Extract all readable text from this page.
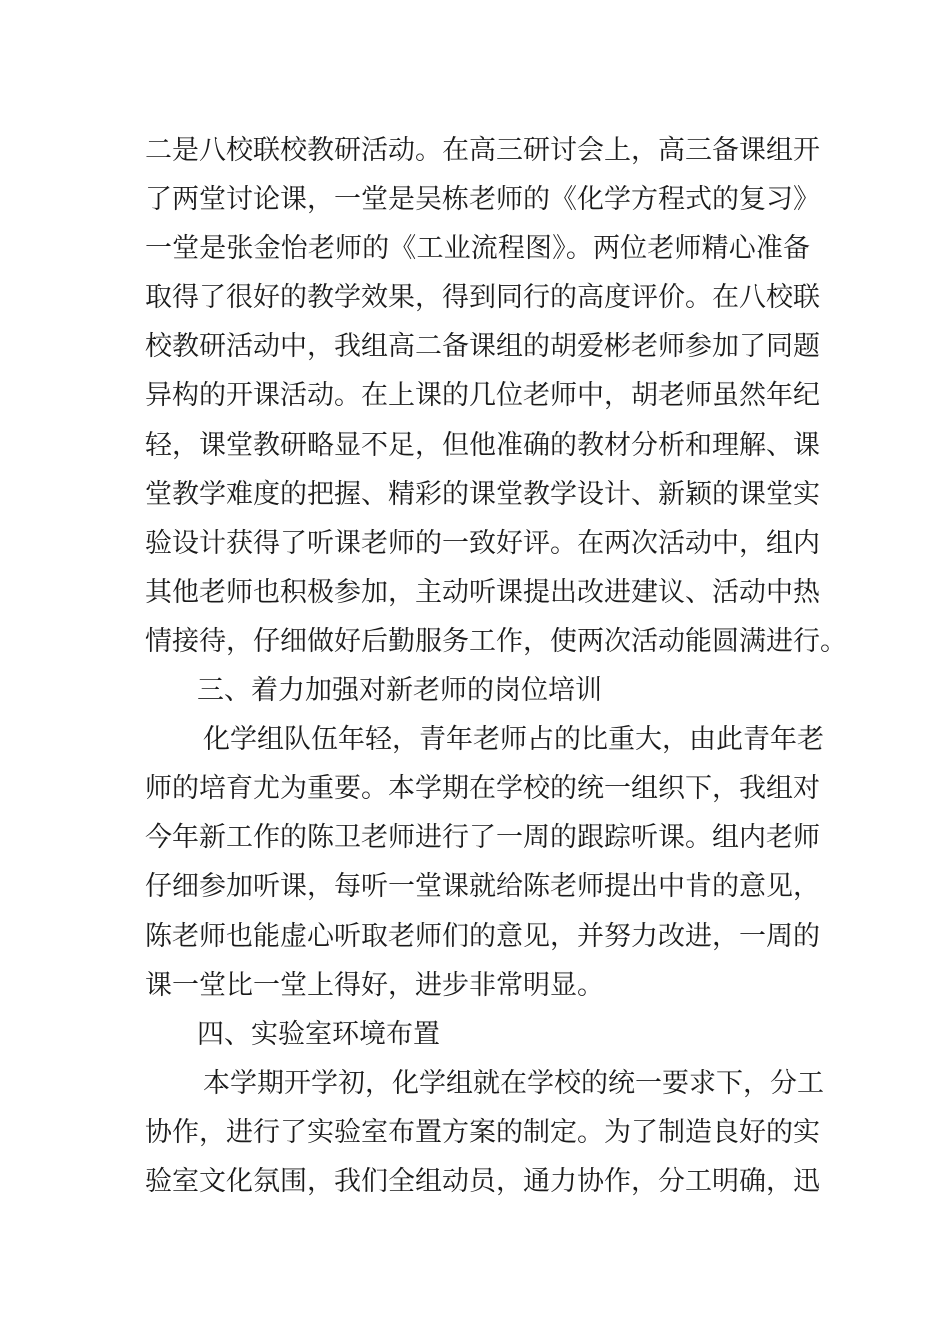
二是八校联校教研活动。在高三研讨会上，高三备课组开
了两堂讨论课，一堂是吴栋老师的《化学方程式的复习》
一堂是张金怡老师的《工业流程图》。两位老师精心准备
取得了很好的教学效果，得到同行的高度评价。在八校联
校教研活动中，我组高二备课组的胡爱彬老师参加了同题
异构的开课活动。在上课的几位老师中，胡老师虽然年纪
轻，课堂教研略显不足，但他准确的教材分析和理解、课
堂教学难度的把握、精彩的课堂教学设计、新颖的课堂实
验设计获得了听课老师的一致好评。在两次活动中，组内
其他老师也积极参加，主动听课提出改进建议、活动中热
情接待，仔细做好后勤服务工作，使两次活动能圆满进行。
三、着力加强对新老师的岗位培训
化学组队伍年轻，青年老师占的比重大，由此青年老
师的培育尤为重要。本学期在学校的统一组织下，我组对
今年新工作的陈卫老师进行了一周的跟踪听课。组内老师
仔细参加听课，每听一堂课就给陈老师提出中肯的意见，
陈老师也能虚心听取老师们的意见，并努力改进，一周的
课一堂比一堂上得好，进步非常明显。
四、实验室环境布置
本学期开学初，化学组就在学校的统一要求下，分工
协作，进行了实验室布置方案的制定。为了制造良好的实
验室文化氛围，我们全组动员，通力协作，分工明确，迅
